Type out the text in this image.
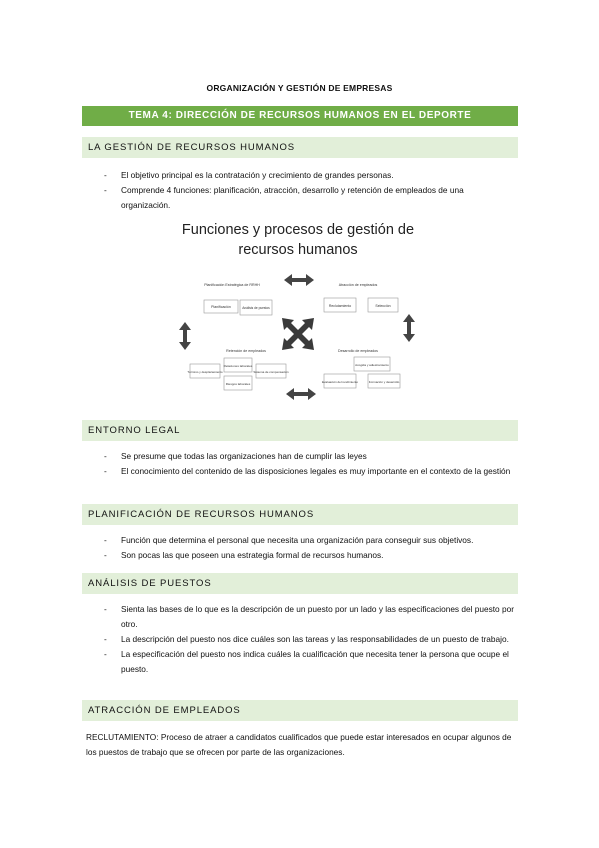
ORGANIZACIÓN Y GESTIÓN DE EMPRESAS
TEMA 4: DIRECCIÓN DE RECURSOS HUMANOS EN EL DEPORTE
LA GESTIÓN DE RECURSOS HUMANOS
- El objetivo principal es la contratación y crecimiento de grandes personas.
- Comprende 4 funciones: planificación, atracción, desarrollo y retención de empleados de una organización.
Funciones y procesos de gestión de
recursos humanos
Planificación Estratégica de RRHH	Atracción de empleados
Retención de empleados	Desarrollo de empleados
Planificación	Análisis de puestos	Reclutamiento	Selección
Relaciones laborales
Término y desplazamiento
Riesgos laborales
Sistema de compensación
Acogida y adiestramiento
Evaluación del rendimiento	Formación y desarrollo
ENTORNO LEGAL
- Se presume que todas las organizaciones han de cumplir las leyes
- El conocimiento del contenido de las disposiciones legales es muy importante en el contexto de la gestión
PLANIFICACIÓN DE RECURSOS HUMANOS
- Función que determina el personal que necesita una organización para conseguir sus objetivos.
- Son pocas las que poseen una estrategia formal de recursos humanos.
ANÁLISIS DE PUESTOS
- Sienta las bases de lo que es la descripción de un puesto por un lado y las especificaciones del puesto por otro.
- La descripción del puesto nos dice cuáles son las tareas y las responsabilidades de un puesto de trabajo.
- La especificación del puesto nos indica cuáles la cualificación que necesita tener la persona que ocupe el puesto.
ATRACCIÓN DE EMPLEADOS
RECLUTAMIENTO: Proceso de atraer a candidatos cualificados que puede estar interesados en ocupar algunos de los puestos de trabajo que se ofrecen por parte de las organizaciones.
